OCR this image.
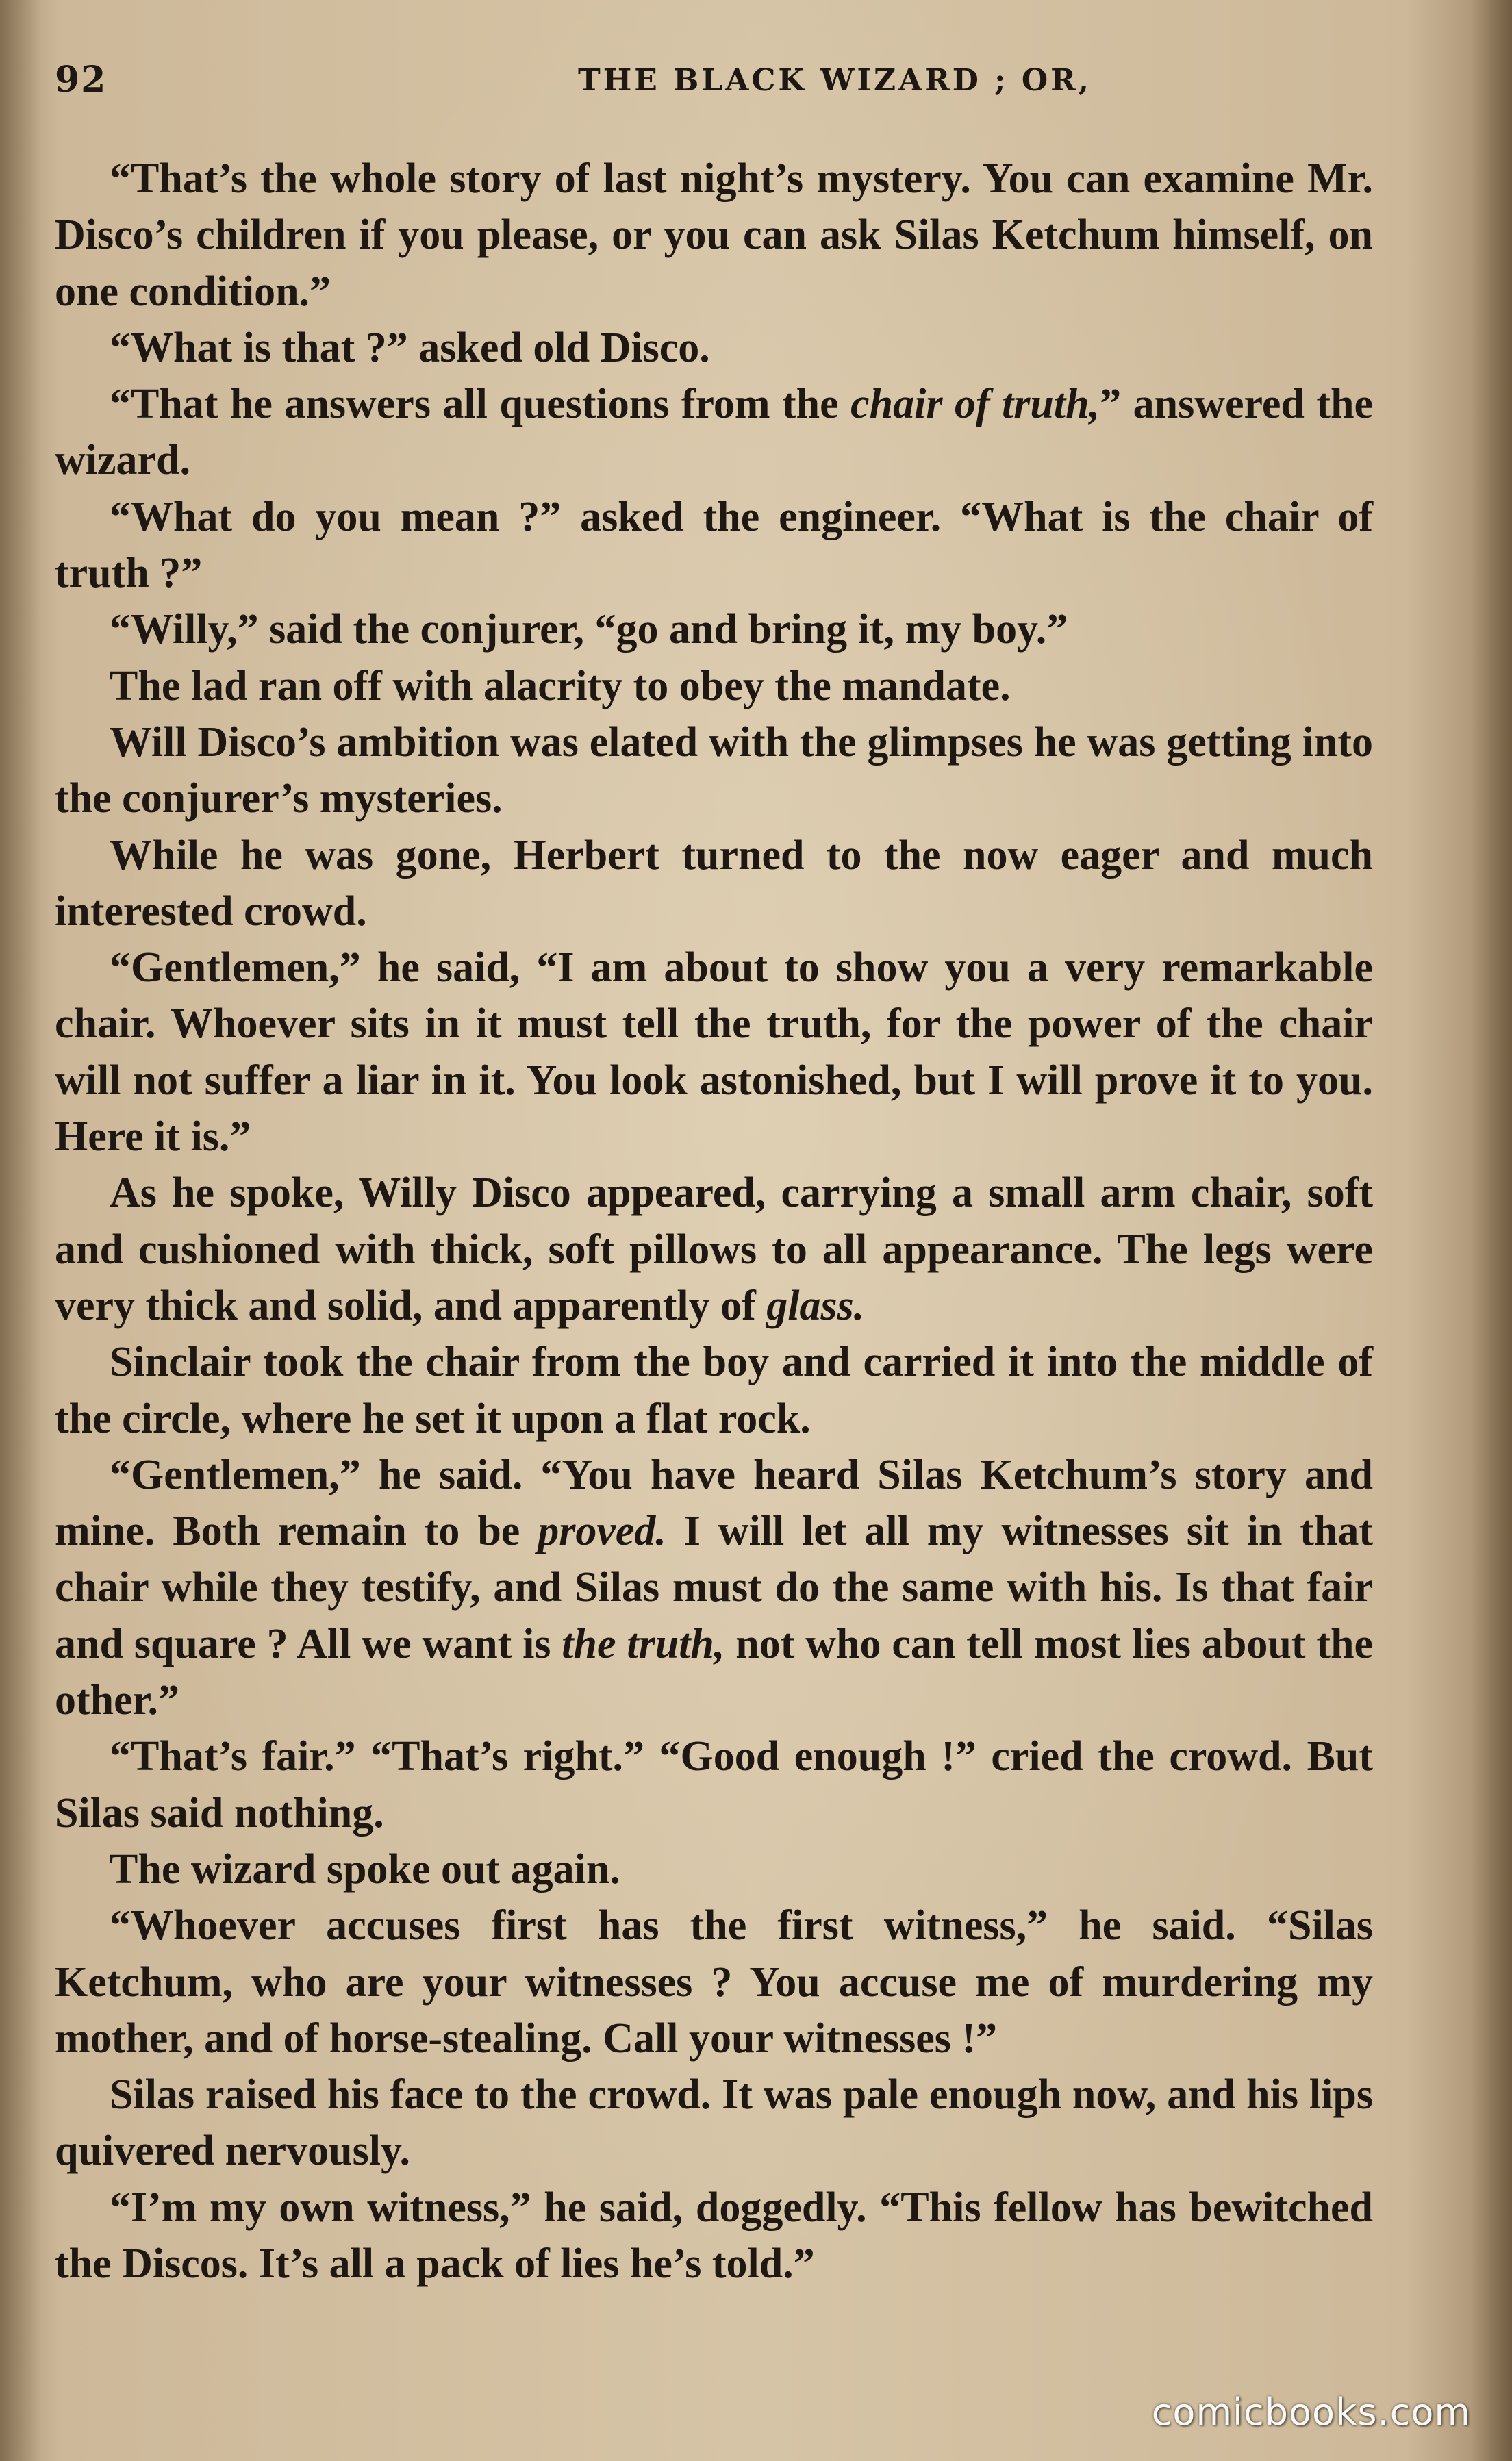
92	THE BLACK WIZARD ; OR,

“That’s the whole story of last night’s mystery. You can examine Mr. Disco’s children if you please, or you can ask Silas Ketchum himself, on one condition.”

“What is that ?” asked old Disco.

“That he answers all questions from the chair of truth,” answered the wizard.

“What do you mean ?” asked the engineer. “What is the chair of truth ?”

“Willy,” said the conjurer, “go and bring it, my boy.”

The lad ran off with alacrity to obey the mandate.

Will Disco’s ambition was elated with the glimpses he was getting into the conjurer’s mysteries.

While he was gone, Herbert turned to the now eager and much interested crowd.

“Gentlemen,” he said, “I am about to show you a very remarkable chair. Whoever sits in it must tell the truth, for the power of the chair will not suffer a liar in it. You look astonished, but I will prove it to you. Here it is.”

As he spoke, Willy Disco appeared, carrying a small arm chair, soft and cushioned with thick, soft pillows to all appearance. The legs were very thick and solid, and apparently of glass.

Sinclair took the chair from the boy and carried it into the middle of the circle, where he set it upon a flat rock.

“Gentlemen,” he said. “You have heard Silas Ketchum’s story and mine. Both remain to be proved. I will let all my witnesses sit in that chair while they testify, and Silas must do the same with his. Is that fair and square ? All we want is the truth, not who can tell most lies about the other.”

“That’s fair.” “That’s right.” “Good enough !” cried the crowd. But Silas said nothing.

The wizard spoke out again.

“Whoever accuses first has the first witness,” he said. “Silas Ketchum, who are your witnesses ? You accuse me of murdering my mother, and of horse-stealing. Call your witnesses !”

Silas raised his face to the crowd. It was pale enough now, and his lips quivered nervously.

“I’m my own witness,” he said, doggedly. “This fellow has bewitched the Discos. It’s all a pack of lies he’s told.”

comicbooks.com
